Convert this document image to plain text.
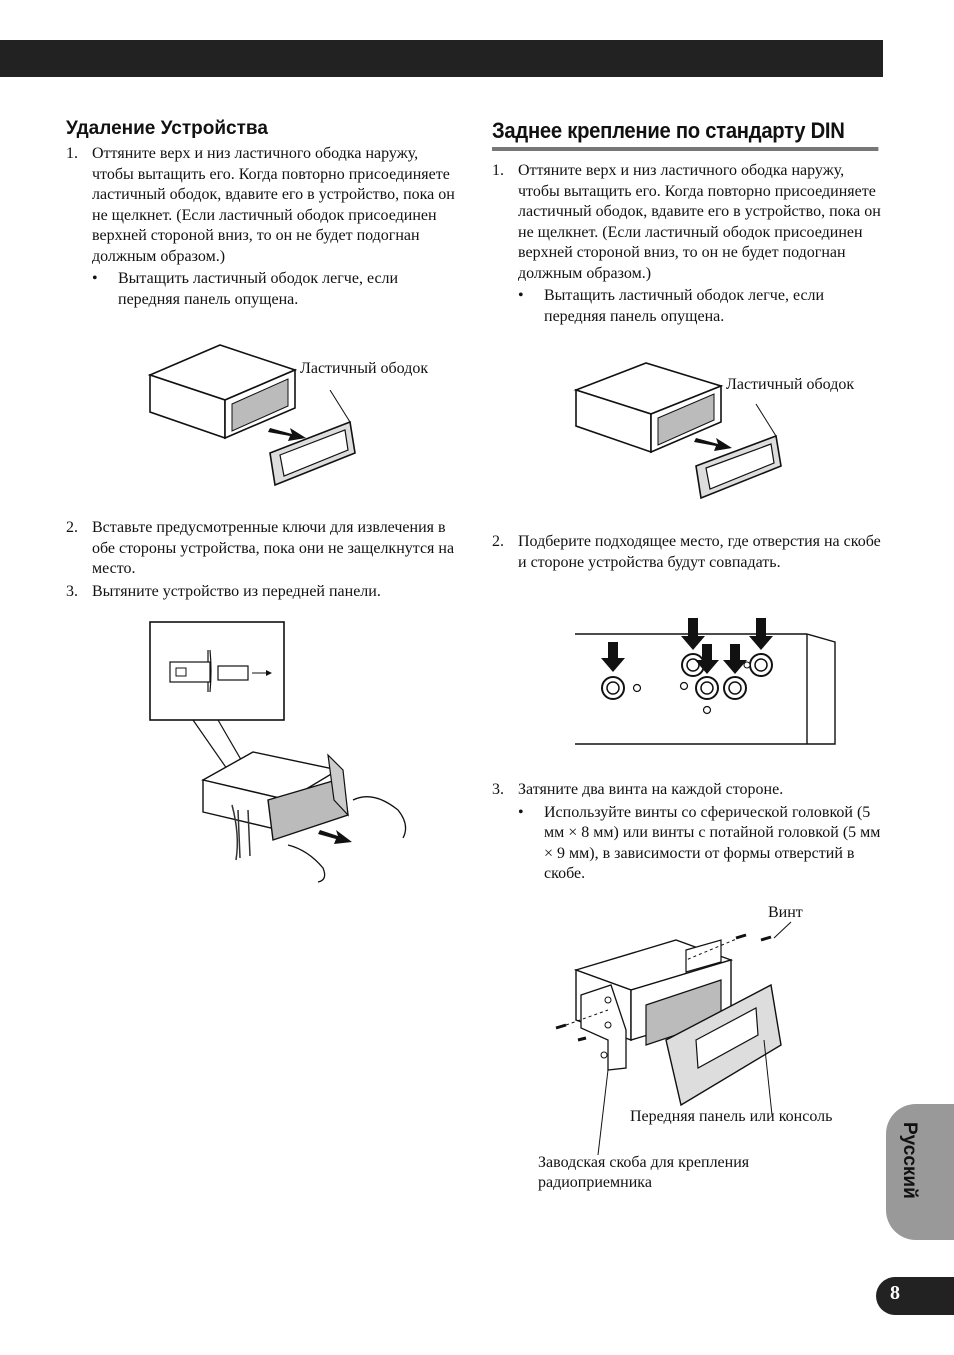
Удаление Устройства
1. Оттяните верх и низ ластичного ободка наружу, чтобы вытащить его. Когда повторно присоединяете ластичный ободок, вдавите его в устройство, пока он не щелкнет. (Если ластичный ободок присоединен верхней стороной вниз, то он не будет подогнан должным образом.)
• Вытащить ластичный ободок легче, если передняя панель опущена.
2. Вставьте предусмотренные ключи для извлечения в обе стороны устройства, пока они не защелкнутся на место.
3. Вытяните устройство из передней панели.
Ластичный ободок
Заднее крепление по стандарту DIN
1. Оттяните верх и низ ластичного ободка наружу, чтобы вытащить его. Когда повторно присоединяете ластичный ободок, вдавите его в устройство, пока он не щелкнет. (Если ластичный ободок присоединен верхней стороной вниз, то он не будет подогнан должным образом.)
• Вытащить ластичный ободок легче, если передняя панель опущена.
Ластичный ободок
2. Подберите подходящее место, где отверстия на скобе и стороне устройства будут совпадать.
3. Затяните два винта на каждой стороне.
• Используйте винты со сферической головкой (5 мм × 8 мм) или винты с потайной головкой (5 мм × 9 мм), в зависимости от формы отверстий в скобе.
Винт
Передняя панель или консоль
Заводская скоба для крепления радиоприемника	Русский
8
